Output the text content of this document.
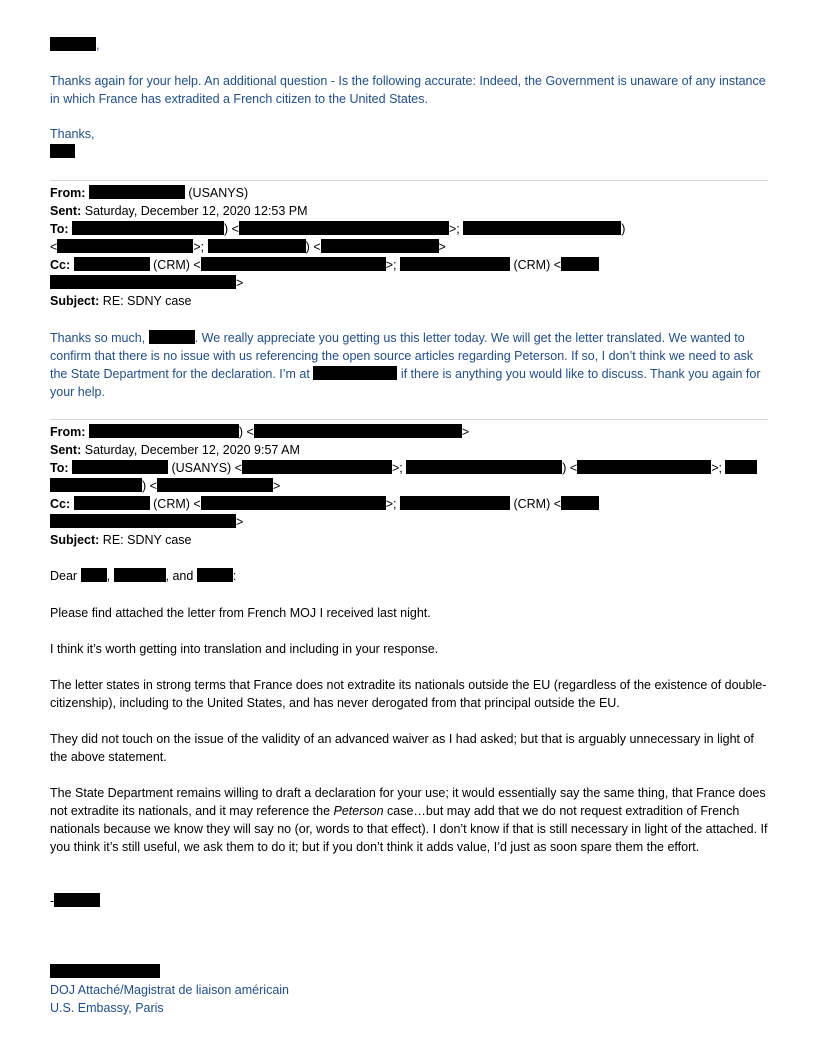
,
Thanks again for your help. An additional question - Is the following accurate: Indeed, the Government is unaware of any instance in which France has extradited a French citizen to the United States.
Thanks,
From:	(USANYS)
Sent: Saturday, December 12, 2020 12:53 PM
To:	) <	>;	)
<	>;	) <	>
Cc:	(CRM) <	>;	(CRM) <
>
Subject: RE: SDNY case
Thanks so much,	. We really appreciate you getting us this letter today. We will get the letter translated. We wanted to confirm that there is no issue with us referencing the open source articles regarding Peterson. If so, I don’t think we need to ask the State Department for the declaration. I’m at	if there is anything you would like to discuss. Thank you again for your help.
From:	) <	>
Sent: Saturday, December 12, 2020 9:57 AM
To:	(USANYS) <	>;	) <	>;
) <	>
Cc:	(CRM) <	>;	(CRM) <
>
Subject: RE: SDNY case
Dear ,	, and	:
Please find attached the letter from French MOJ I received last night.
I think it’s worth getting into translation and including in your response.
The letter states in strong terms that France does not extradite its nationals outside the EU (regardless of the existence of double-citizenship), including to the United States, and has never derogated from that principal outside the EU.
They did not touch on the issue of the validity of an advanced waiver as I had asked; but that is arguably unnecessary in light of the above statement.
The State Department remains willing to draft a declaration for your use; it would essentially say the same thing, that France does not extradite its nationals, and it may reference the Peterson case…but may add that we do not request extradition of French nationals because we know they will say no (or, words to that effect). I don’t know if that is still necessary in light of the attached. If you think it’s still useful, we ask them to do it; but if you don’t think it adds value, I’d just as soon spare them the effort.
-
DOJ Attaché/Magistrat de liaison américain
U.S. Embassy, Paris
